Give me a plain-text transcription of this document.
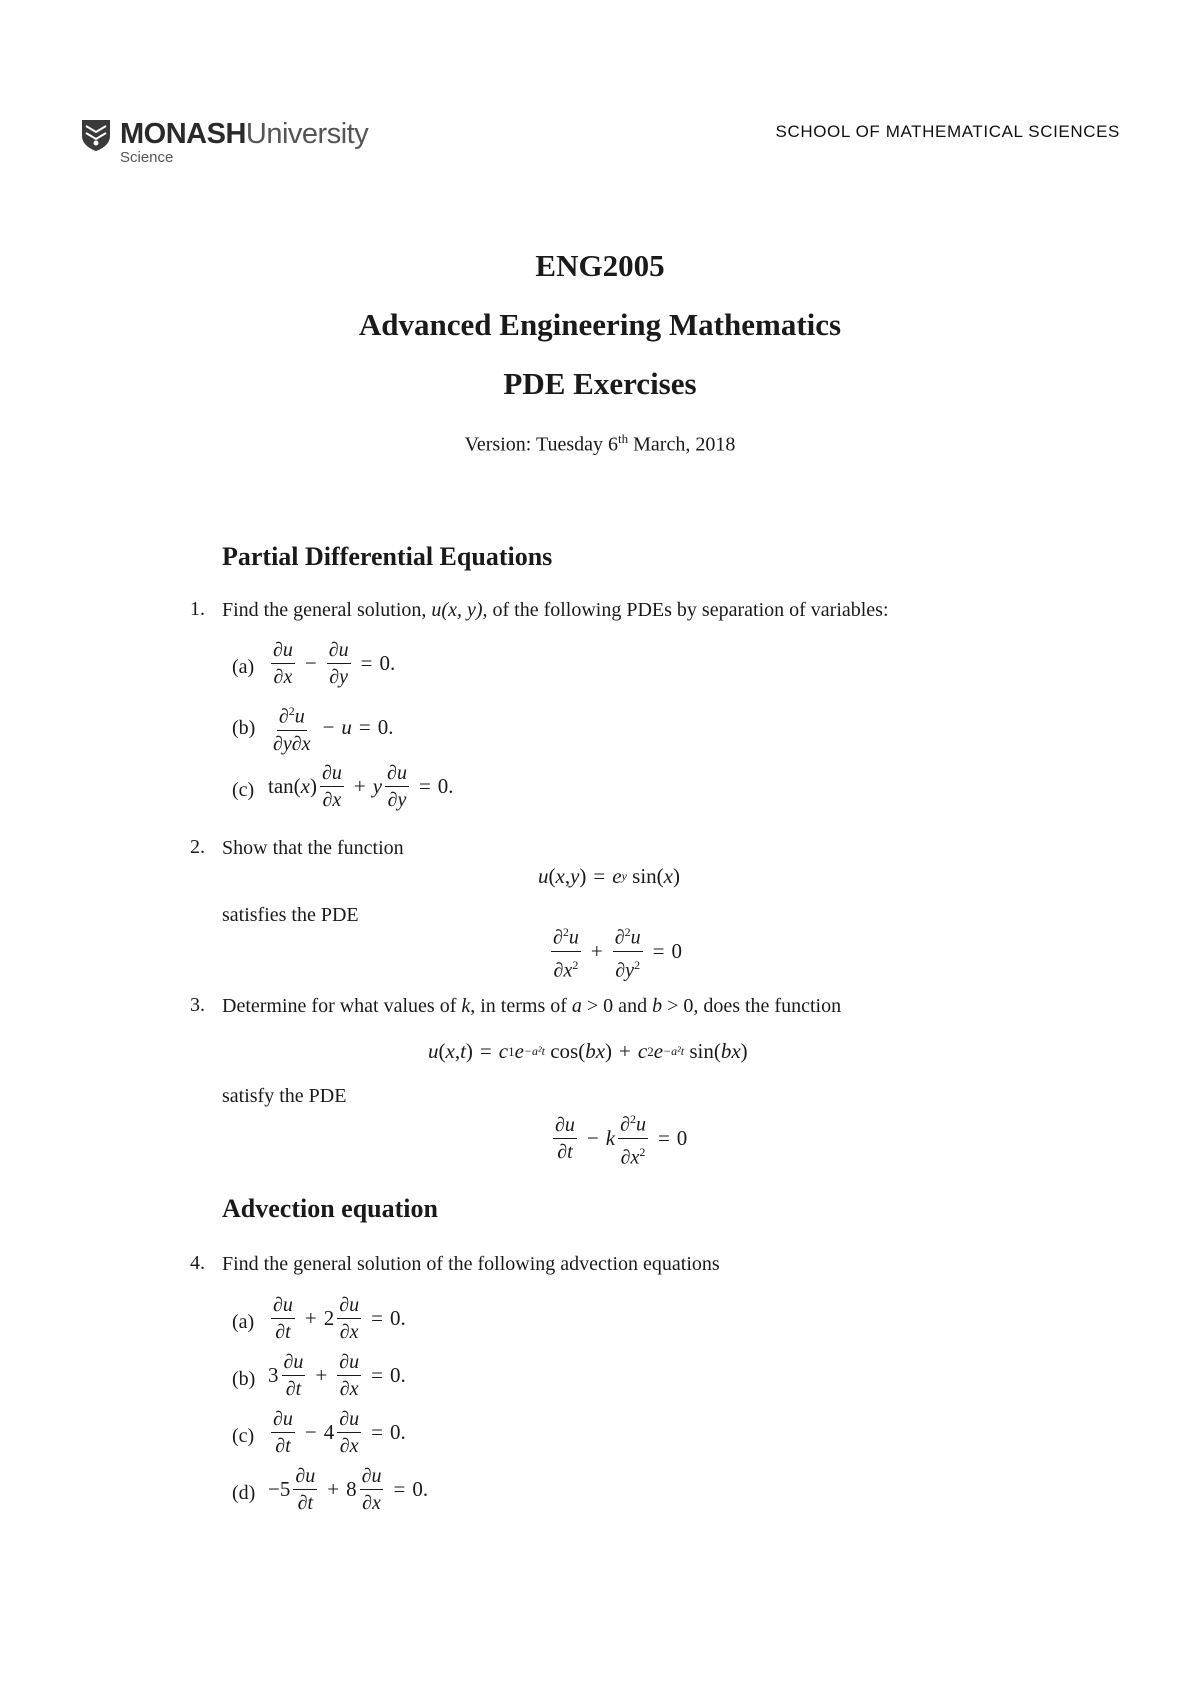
MONASHUniversity
Science
SCHOOL OF MATHEMATICAL SCIENCES
ENG2005
Advanced Engineering Mathematics
PDE Exercises
Version: Tuesday 6th March, 2018
Partial Differential Equations
1. Find the general solution, u(x, y), of the following PDEs by separation of variables:
$(a) \frac{\partial u}{\partial x} - \frac{\partial u}{\partial y} = 0$.
$(b) \frac{\partial^2u}{\partial y\partial x} - u = 0$.
(c) tan( x ) $\frac{\partial u}{\partial x} + y \frac{\partial u}{\partial y} = 0$.
2. Show that the function
u ( x , y ) = e y sin( x )
satisfies the PDE
$\frac{\partial^2u}{\partial x^2} + \frac{\partial^2u}{\partial y^2} = 0$
3. Determine for what values of k, in terms of a > 0 and b > 0, does the function
u ( x , t ) = c 1 e −a²t cos( bx ) + c 2 e −a²t sin( bx )
satisfy the PDE
$\frac{\partial u}{\partial t} - k \frac{\partial^2u}{\partial x^2} = 0$
Advection equation
4. Find the general solution of the following advection equations
$(a) \frac{\partial u}{\partial t} + 2 \frac{\partial u}{\partial x} = 0$.
(b) $3 \frac{\partial u}{\partial t} + \frac{\partial u}{\partial x} = 0$.
$(c) \frac{\partial u}{\partial t} - 4 \frac{\partial u}{\partial x} = 0$.
$(d) -5 \frac{\partial u}{\partial t} + 8 \frac{\partial u}{\partial x} = 0$.
